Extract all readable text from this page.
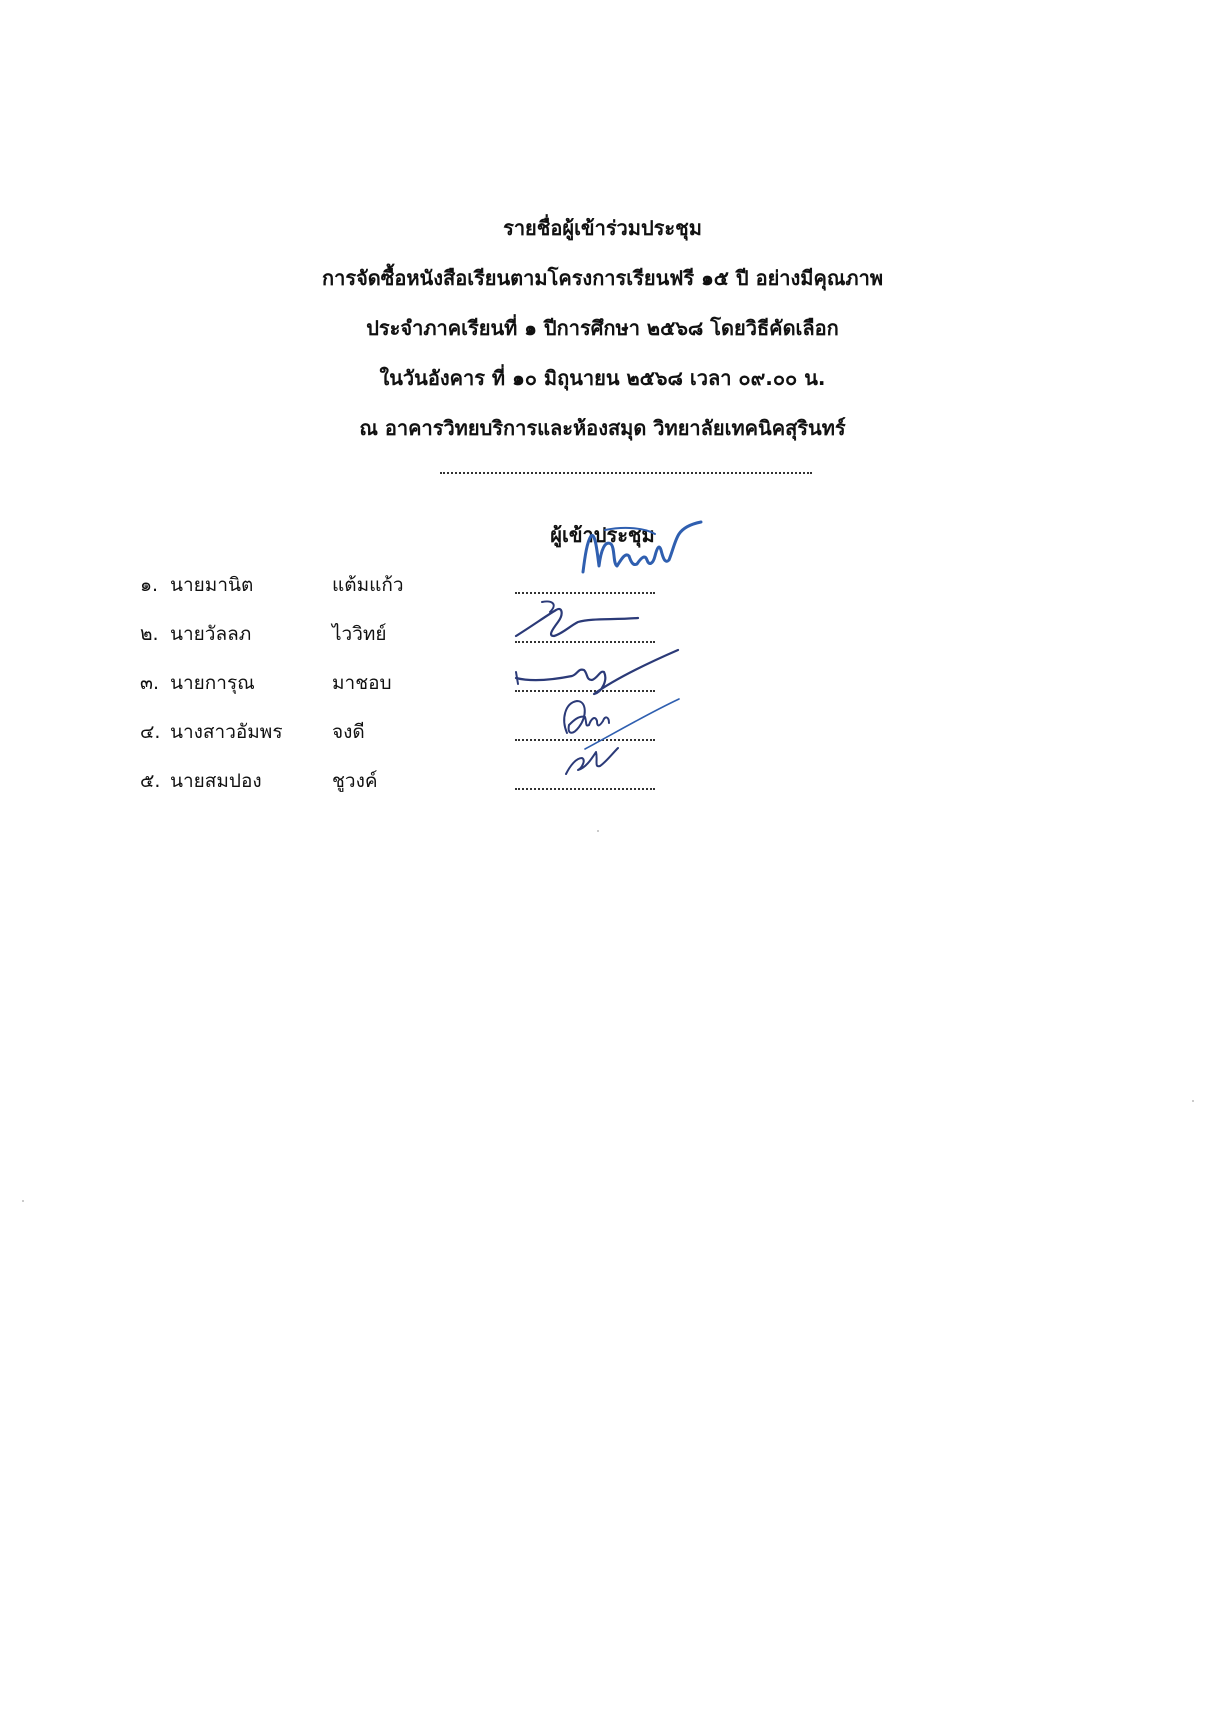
รายชื่อผู้เข้าร่วมประชุม
การจัดซื้อหนังสือเรียนตามโครงการเรียนฟรี ๑๕ ปี อย่างมีคุณภาพ
ประจำภาคเรียนที่ ๑ ปีการศึกษา ๒๕๖๘ โดยวิธีคัดเลือก
ในวันอังคาร ที่ ๑๐ มิถุนายน ๒๕๖๘ เวลา ๐๙.๐๐ น.
ณ อาคารวิทยบริการและห้องสมุด วิทยาลัยเทคนิคสุรินทร์
ผู้เข้าประชุม
๑. นายมานิต	แต้มแก้ว
๒. นายวัลลภ	ไววิทย์
๓. นายการุณ	มาชอบ
๔. นางสาวอัมพร	จงดี
๕. นายสมปอง	ชูวงค์
